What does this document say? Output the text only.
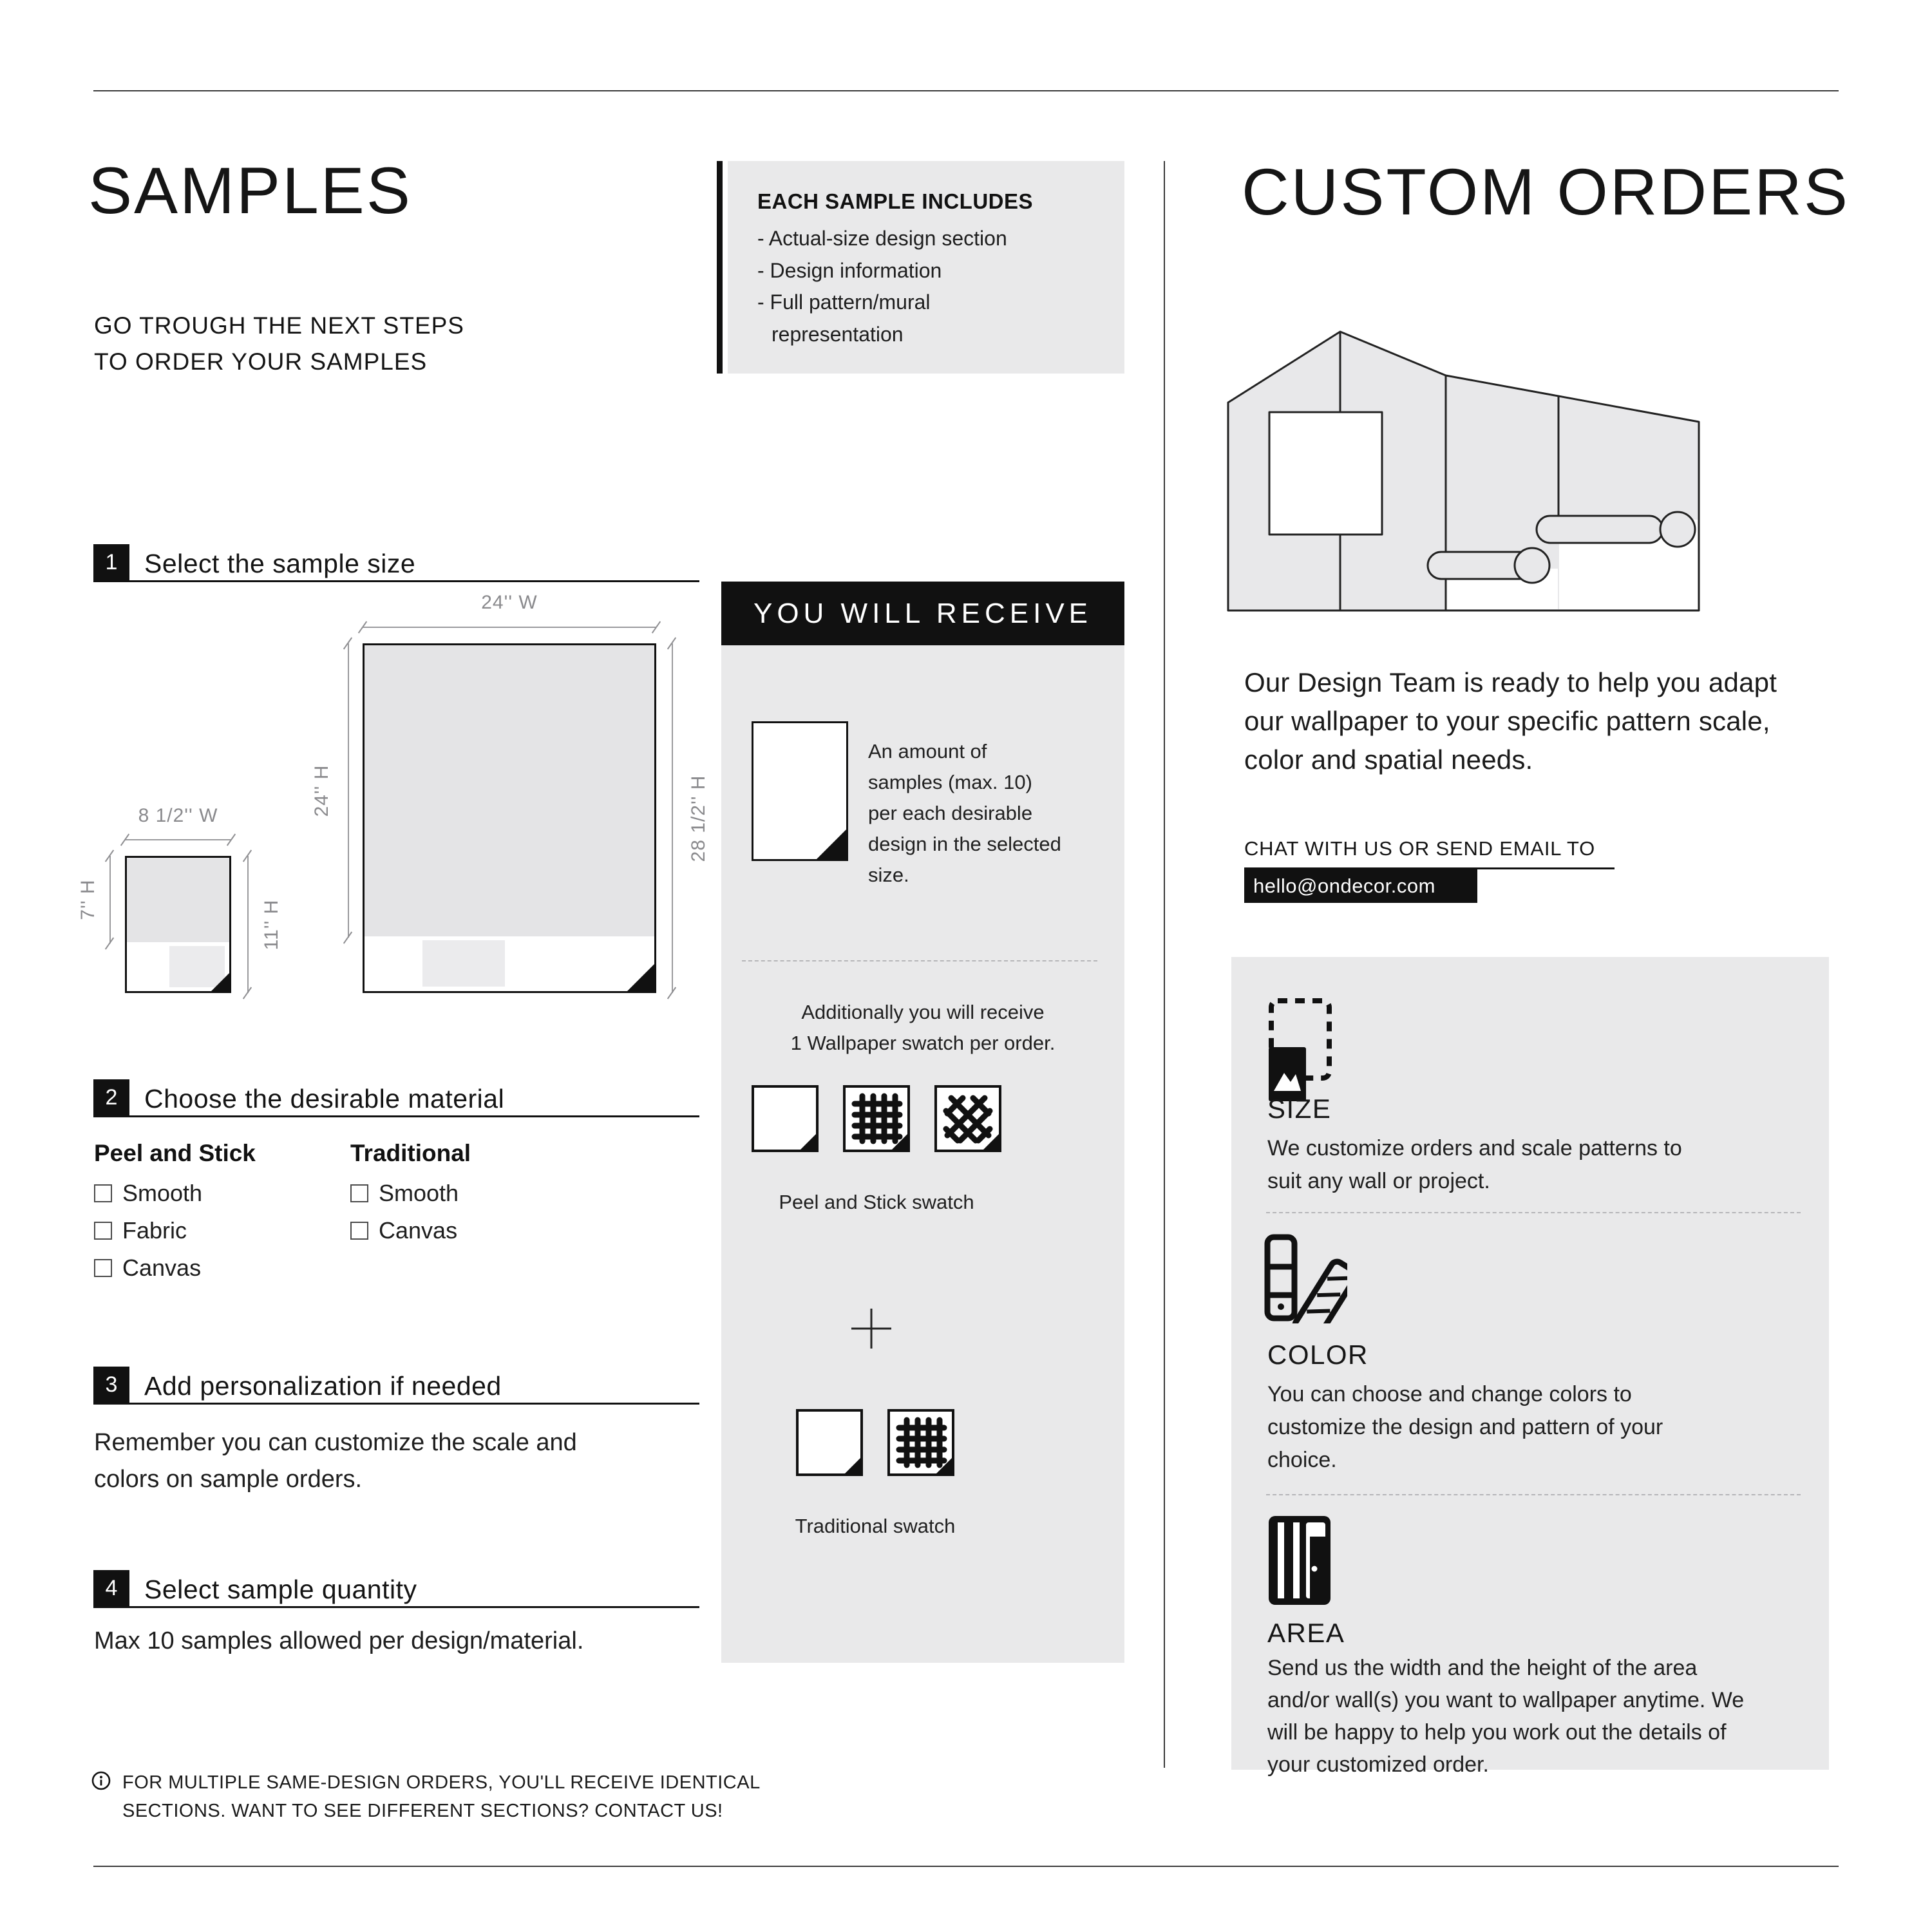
SAMPLES
GO TROUGH THE NEXT STEPS
TO ORDER YOUR SAMPLES
1	Select the sample size
8 1/2'' W
7'' H	11'' H
24'' W
24'' H	28 1/2'' H
2	Choose the desirable material
Peel and Stick	Traditional
Smooth
Fabric
Canvas
Smooth
Canvas
3	Add personalization if needed
Remember you can customize the scale and colors on sample orders.
4	Select sample quantity
Max 10 samples allowed per design/material.
FOR MULTIPLE SAME-DESIGN ORDERS, YOU'LL RECEIVE IDENTICAL
SECTIONS. WANT TO SEE DIFFERENT SECTIONS? CONTACT US!
EACH SAMPLE INCLUDES
- Actual-size design section
- Design information
- Full pattern/mural
representation
YOU WILL RECEIVE
An amount of samples (max. 10) per each desirable design in the selected size.
Additionally you will receive
1 Wallpaper swatch per order.
Peel and Stick swatch
Traditional swatch
CUSTOM ORDERS
Our Design Team is ready to help you adapt our wallpaper to your specific pattern scale, color and spatial needs.
CHAT WITH US OR SEND EMAIL TO
hello@ondecor.com
SIZE
We customize orders and scale patterns to suit any wall or project.
COLOR
You can choose and change colors to customize the design and pattern of your choice.
AREA
Send us the width and the height of the area and/or wall(s) you want to wallpaper anytime. We will be happy to help you work out the details of your customized order.
